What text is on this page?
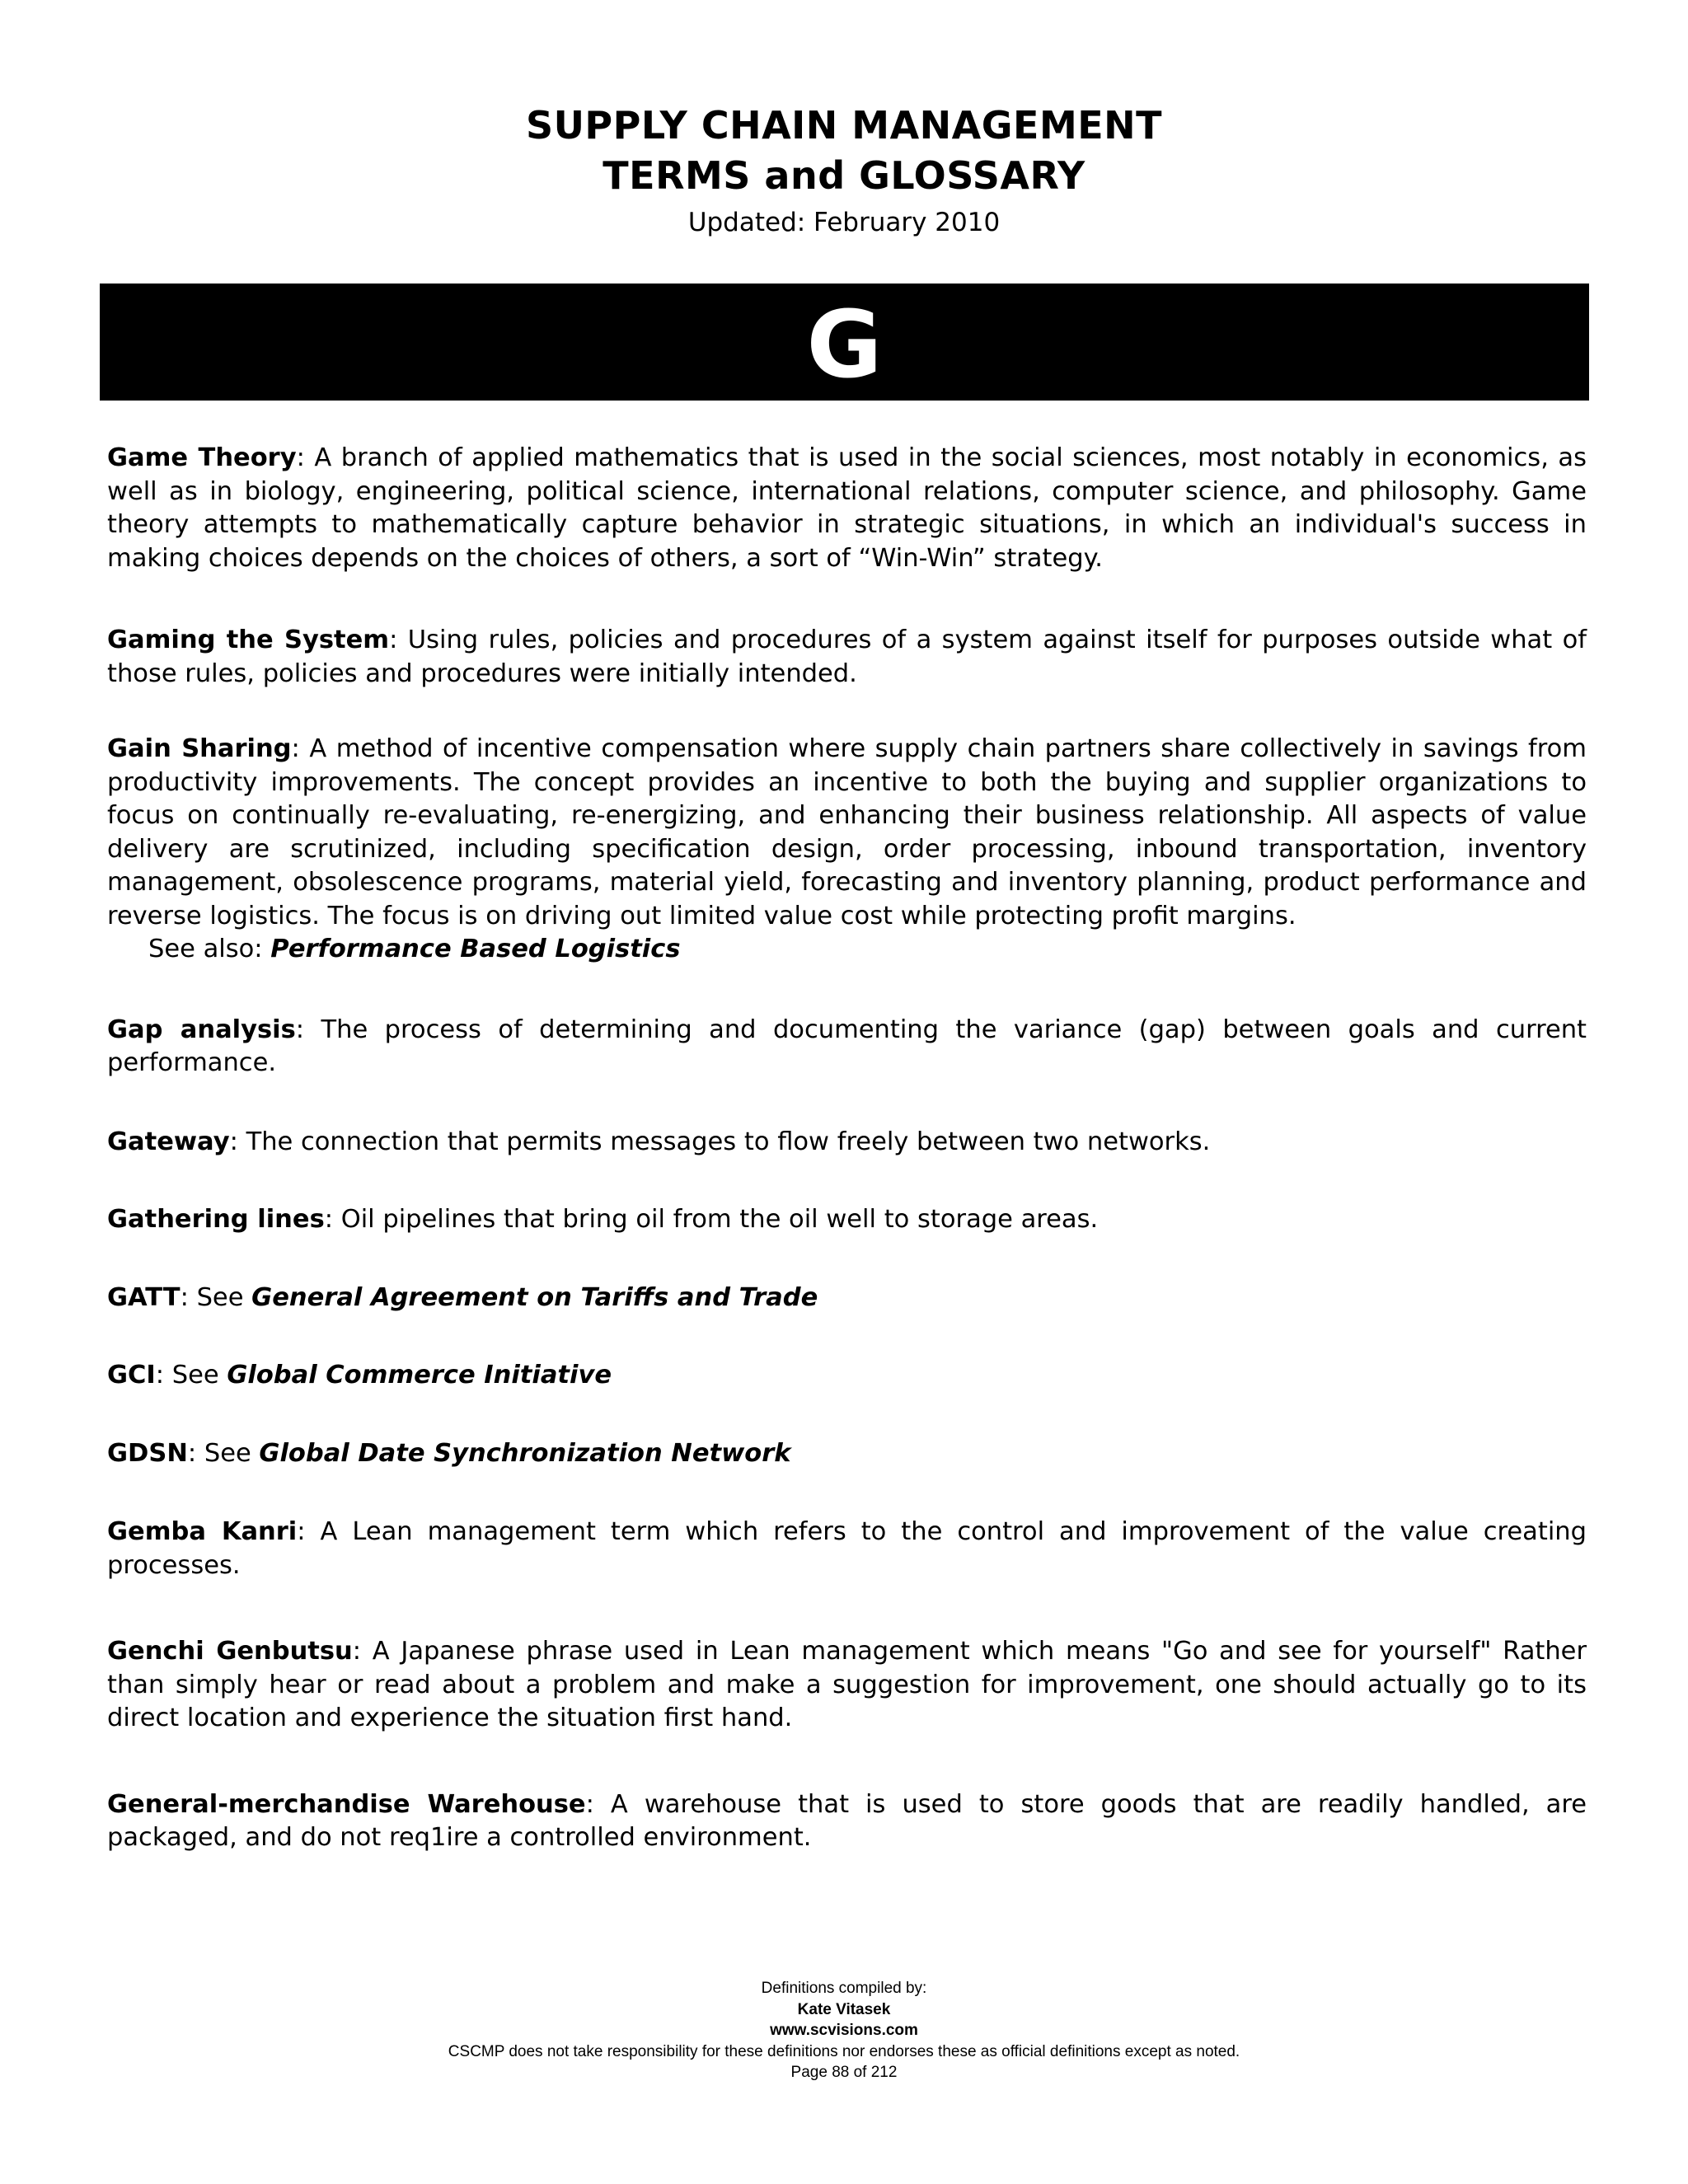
SUPPLY CHAIN MANAGEMENT
TERMS and GLOSSARY
Updated: February 2010
G

Game Theory: A branch of applied mathematics that is used in the social sciences, most notably in economics, as well as in biology, engineering, political science, international relations, computer science, and philosophy. Game theory attempts to mathematically capture behavior in strategic situations, in which an individual's success in making choices depends on the choices of others, a sort of “Win-Win” strategy.

Gaming the System: Using rules, policies and procedures of a system against itself for purposes outside what of those rules, policies and procedures were initially intended.

Gain Sharing: A method of incentive compensation where supply chain partners share collectively in savings from productivity improvements. The concept provides an incentive to both the buying and supplier organizations to focus on continually re-evaluating, re-energizing, and enhancing their business relationship. All aspects of value delivery are scrutinized, including specification design, order processing, inbound transportation, inventory management, obsolescence programs, material yield, forecasting and inventory planning, product performance and reverse logistics. The focus is on driving out limited value cost while protecting profit margins.

See also: Performance Based Logistics

Gap analysis: The process of determining and documenting the variance (gap) between goals and current performance.

Gateway: The connection that permits messages to flow freely between two networks.

Gathering lines: Oil pipelines that bring oil from the oil well to storage areas.

GATT: See General Agreement on Tariffs and Trade

GCI: See Global Commerce Initiative

GDSN: See Global Date Synchronization Network

Gemba Kanri: A Lean management term which refers to the control and improvement of the value creating processes.

Genchi Genbutsu: A Japanese phrase used in Lean management which means "Go and see for yourself" Rather than simply hear or read about a problem and make a suggestion for improvement, one should actually go to its direct location and experience the situation first hand.

General-merchandise Warehouse: A warehouse that is used to store goods that are readily handled, are packaged, and do not req1ire a controlled environment.

Definitions compiled by:
Kate Vitasek
www.scvisions.com
CSCMP does not take responsibility for these definitions nor endorses these as official definitions except as noted.
Page 88 of 212
